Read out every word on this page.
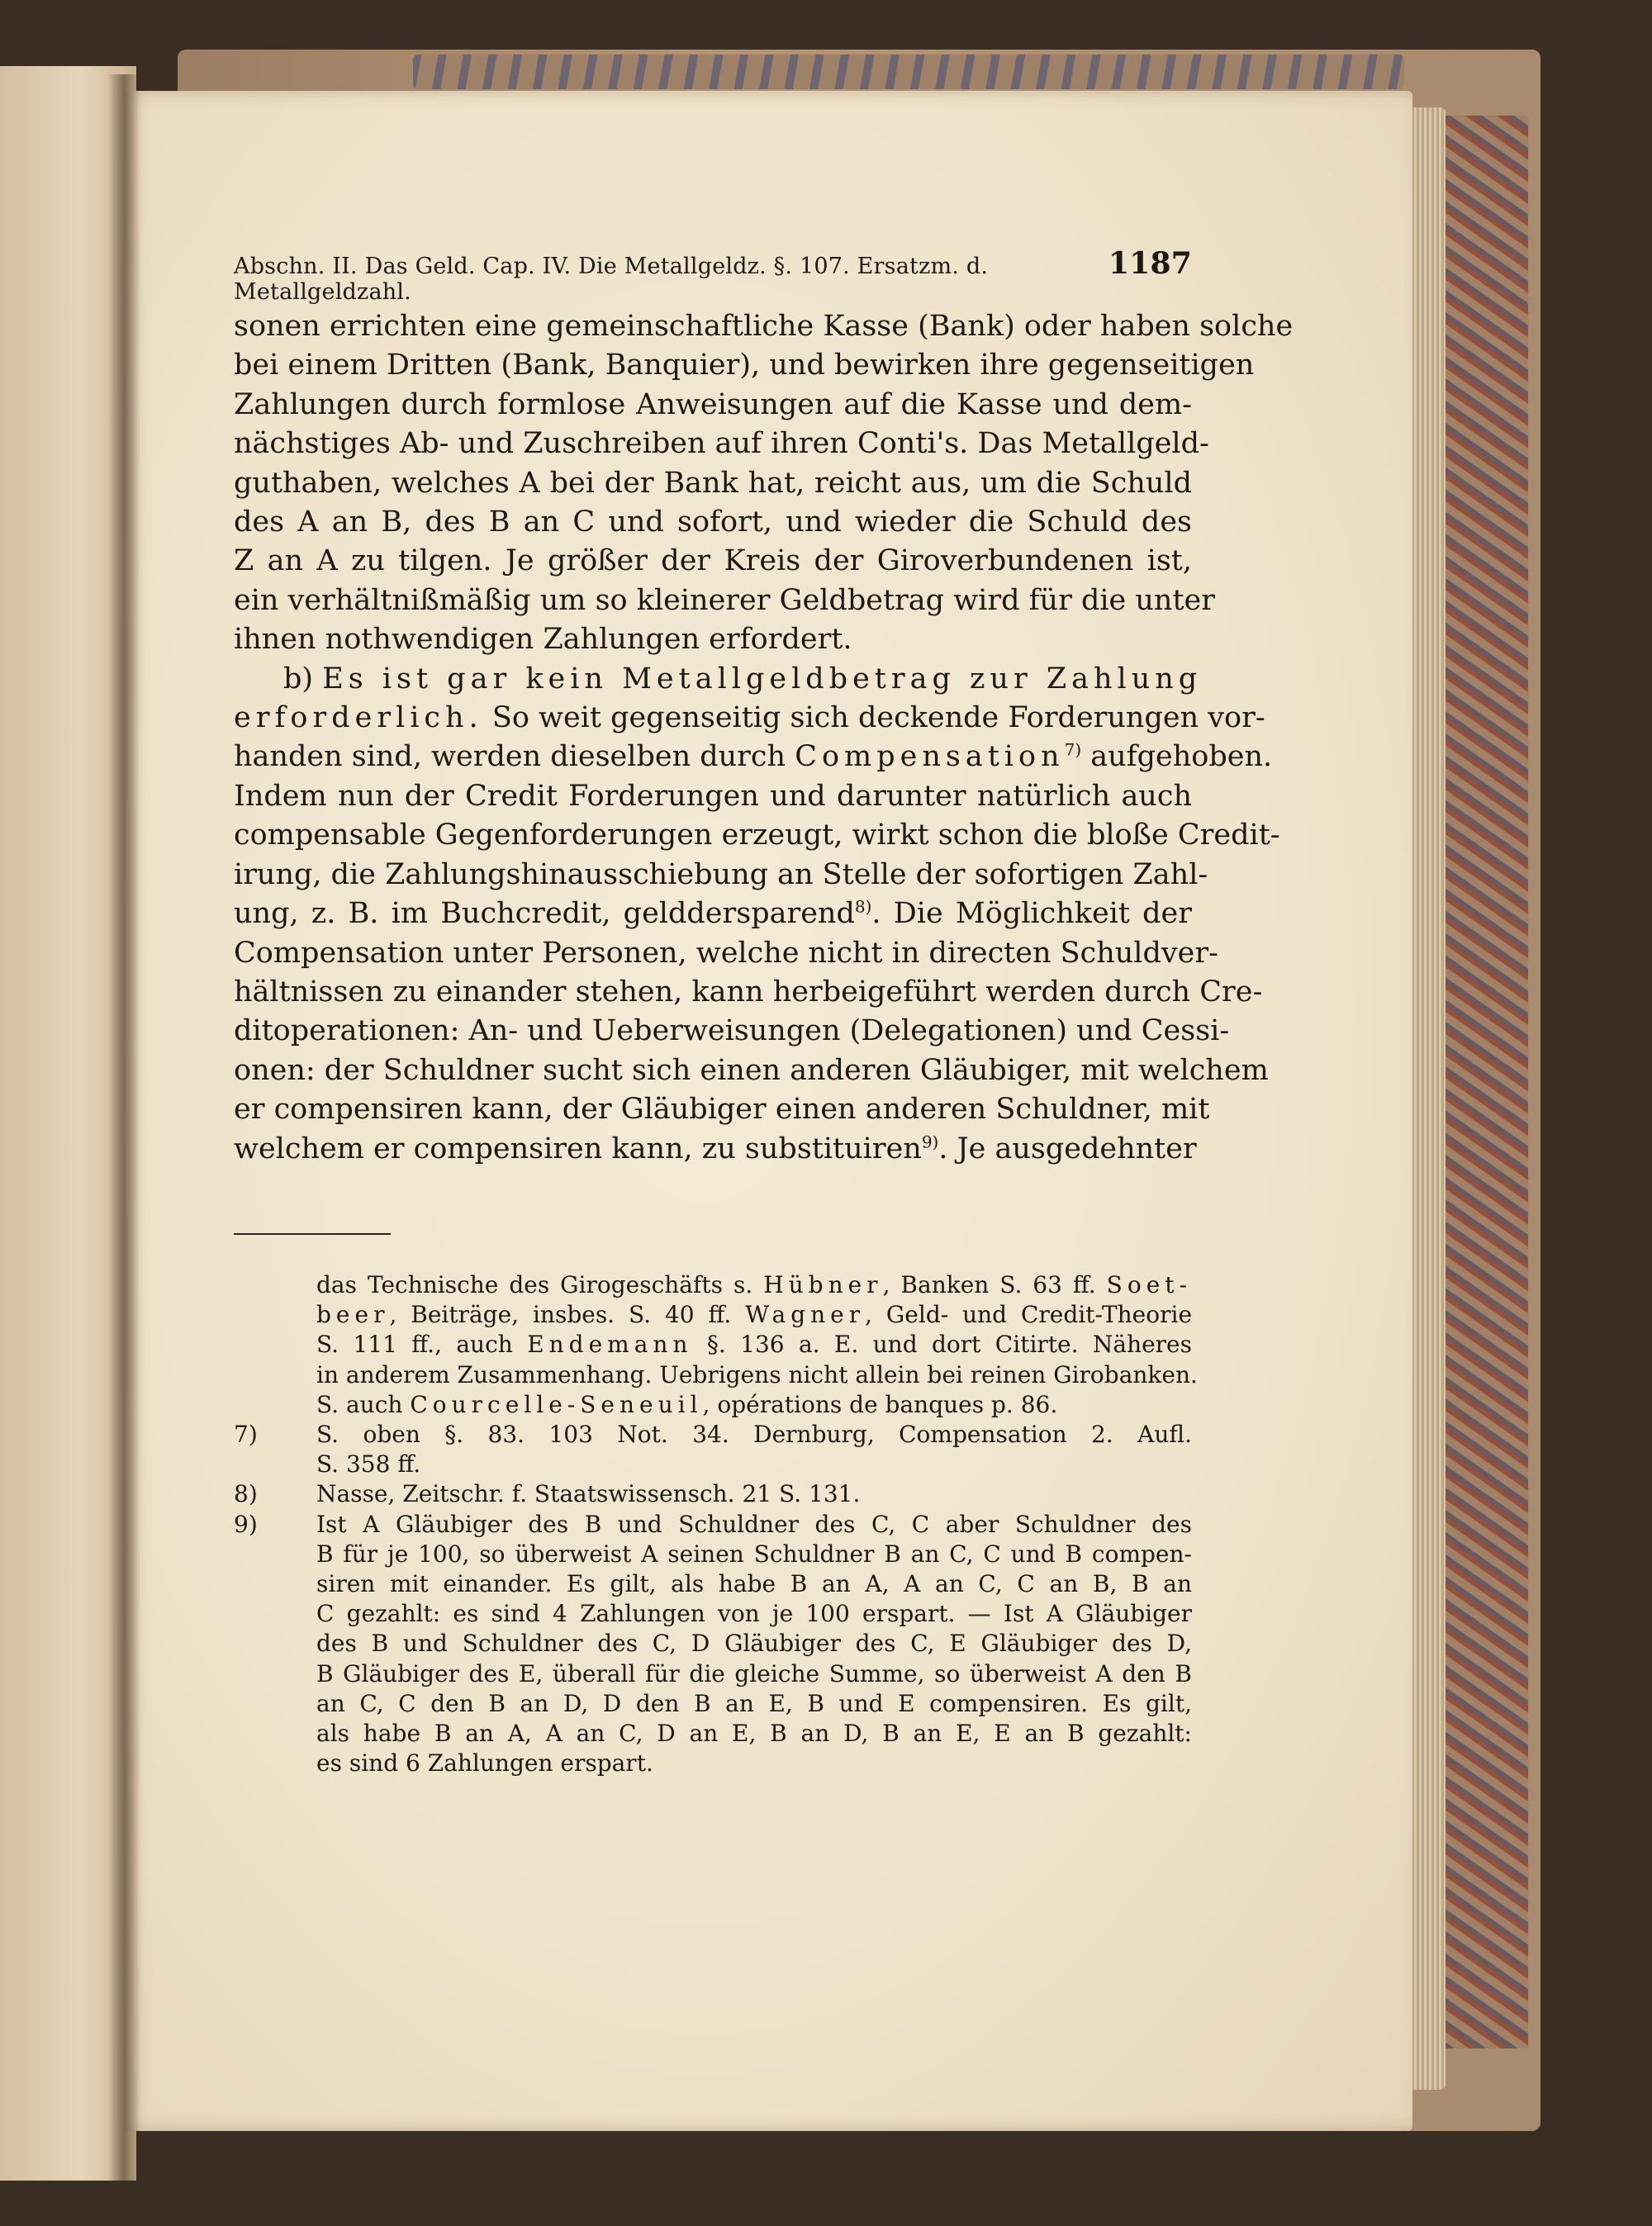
Abschn. II. Das Geld. Cap. IV. Die Metallgeldz. §. 107. Ersatzm. d. Metallgeldzahl.
1187
sonen errichten eine gemeinschaftliche Kasse (Bank) oder haben solche
bei einem Dritten (Bank, Banquier), und bewirken ihre gegenseitigen
Zahlungen durch formlose Anweisungen auf die Kasse und dem-
nächstiges Ab- und Zuschreiben auf ihren Conti's. Das Metallgeld-
guthaben, welches A bei der Bank hat, reicht aus, um die Schuld
des A an B, des B an C und sofort, und wieder die Schuld des
Z an A zu tilgen. Je größer der Kreis der Giroverbundenen ist,
ein verhältnißmäßig um so kleinerer Geldbetrag wird für die unter
ihnen nothwendigen Zahlungen erfordert.
b) Es ist gar kein Metallgeldbetrag zur Zahlung
erforderlich. So weit gegenseitig sich deckende Forderungen vor-
handen sind, werden dieselben durch Compensation$^{7)}$ aufgehoben.
Indem nun der Credit Forderungen und darunter natürlich auch
compensable Gegenforderungen erzeugt, wirkt schon die bloße Credit-
irung, die Zahlungshinausschiebung an Stelle der sofortigen Zahl-
ung, z. B. im Buchcredit, gelddersparend$^{8)}$. Die Möglichkeit der
Compensation unter Personen, welche nicht in directen Schuldver-
hältnissen zu einander stehen, kann herbeigeführt werden durch Cre-
ditoperationen: An- und Ueberweisungen (Delegationen) und Cessi-
onen: der Schuldner sucht sich einen anderen Gläubiger, mit welchem
er compensiren kann, der Gläubiger einen anderen Schuldner, mit
welchem er compensiren kann, zu substituiren$^{9)}$. Je ausgedehnter
das Technische des Girogeschäfts s. Hübner, Banken S. 63 ff. Soet-
beer, Beiträge, insbes. S. 40 ff. Wagner, Geld- und Credit-Theorie
S. 111 ff., auch Endemann §. 136 a. E. und dort Citirte. Näheres
in anderem Zusammenhang. Uebrigens nicht allein bei reinen Girobanken.
S. auch Courcelle-Seneuil, opérations de banques p. 86.
7)	S. oben §. 83. 103 Not. 34. Dernburg, Compensation 2. Aufl.
S. 358 ff.
8)	Nasse, Zeitschr. f. Staatswissensch. 21 S. 131.
9)	Ist A Gläubiger des B und Schuldner des C, C aber Schuldner des
B für je 100, so überweist A seinen Schuldner B an C, C und B compen-
siren mit einander. Es gilt, als habe B an A, A an C, C an B, B an
C gezahlt: es sind 4 Zahlungen von je 100 erspart. — Ist A Gläubiger
des B und Schuldner des C, D Gläubiger des C, E Gläubiger des D,
B Gläubiger des E, überall für die gleiche Summe, so überweist A den B
an C, C den B an D, D den B an E, B und E compensiren. Es gilt,
als habe B an A, A an C, D an E, B an D, B an E, E an B gezahlt:
es sind 6 Zahlungen erspart.
